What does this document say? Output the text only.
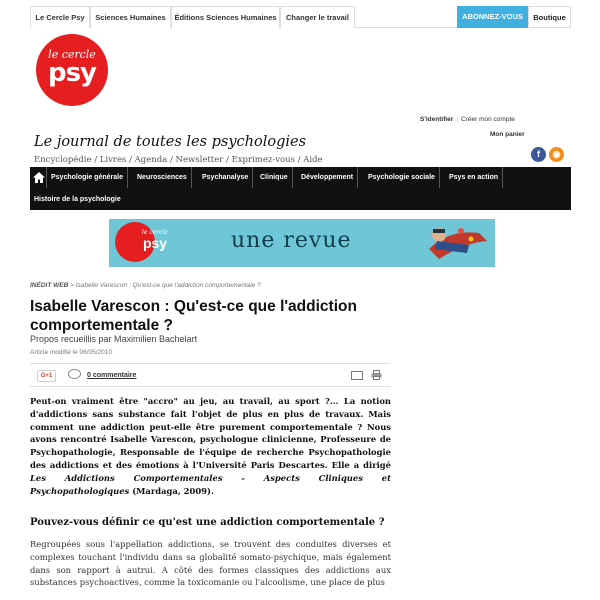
Le Cercle Psy	Sciences Humaines	Éditions Sciences Humaines	Changer le travail	ABONNEZ-VOUS	Boutique
le cercle
psy
S'identifier | Créer mon compte
Mon panier
Le journal de toutes les psychologies
Encyclopédie / Livres / Agenda / Newsletter / Exprimez-vous / Aide
f	◉
Psychologie générale	Neurosciences	Psychanalyse	Clinique	Développement	Psychologie sociale	Psys en action
Histoire de la psychologie
le cercle
psy	une revue
INÉDIT WEB > Isabelle Varescon : Qu'est-ce que l'addiction comportementale ?
Isabelle Varescon : Qu'est-ce que l'addiction comportementale ?
Propos recueillis par Maximilien Bachelart
Article modifié le 06/05/2010
G+1	0 commentaire

Peut-on vraiment être "accro" au jeu, au travail, au sport ?... La notion d'addictions sans substance fait l'objet de plus en plus de travaux. Mais comment une addiction peut-elle être purement comportementale ? Nous avons rencontré Isabelle Varescon, psychologue clinicienne, Professeure de Psychopathologie, Responsable de l'équipe de recherche Psychopathologie des addictions et des émotions à l'Université Paris Descartes. Elle a dirigé Les Addictions Comportementales - Aspects Cliniques et Psychopathologiques (Mardaga, 2009).

Pouvez-vous définir ce qu'est une addiction comportementale ?

Regroupées sous l'appellation addictions, se trouvent des conduites diverses et complexes touchant l'individu dans sa globalité somato-psychique, mais également dans son rapport à autrui. A côté des formes classiques des addictions aux substances psychoactives, comme la toxicomanie ou l'alcoolisme, une place de plus
